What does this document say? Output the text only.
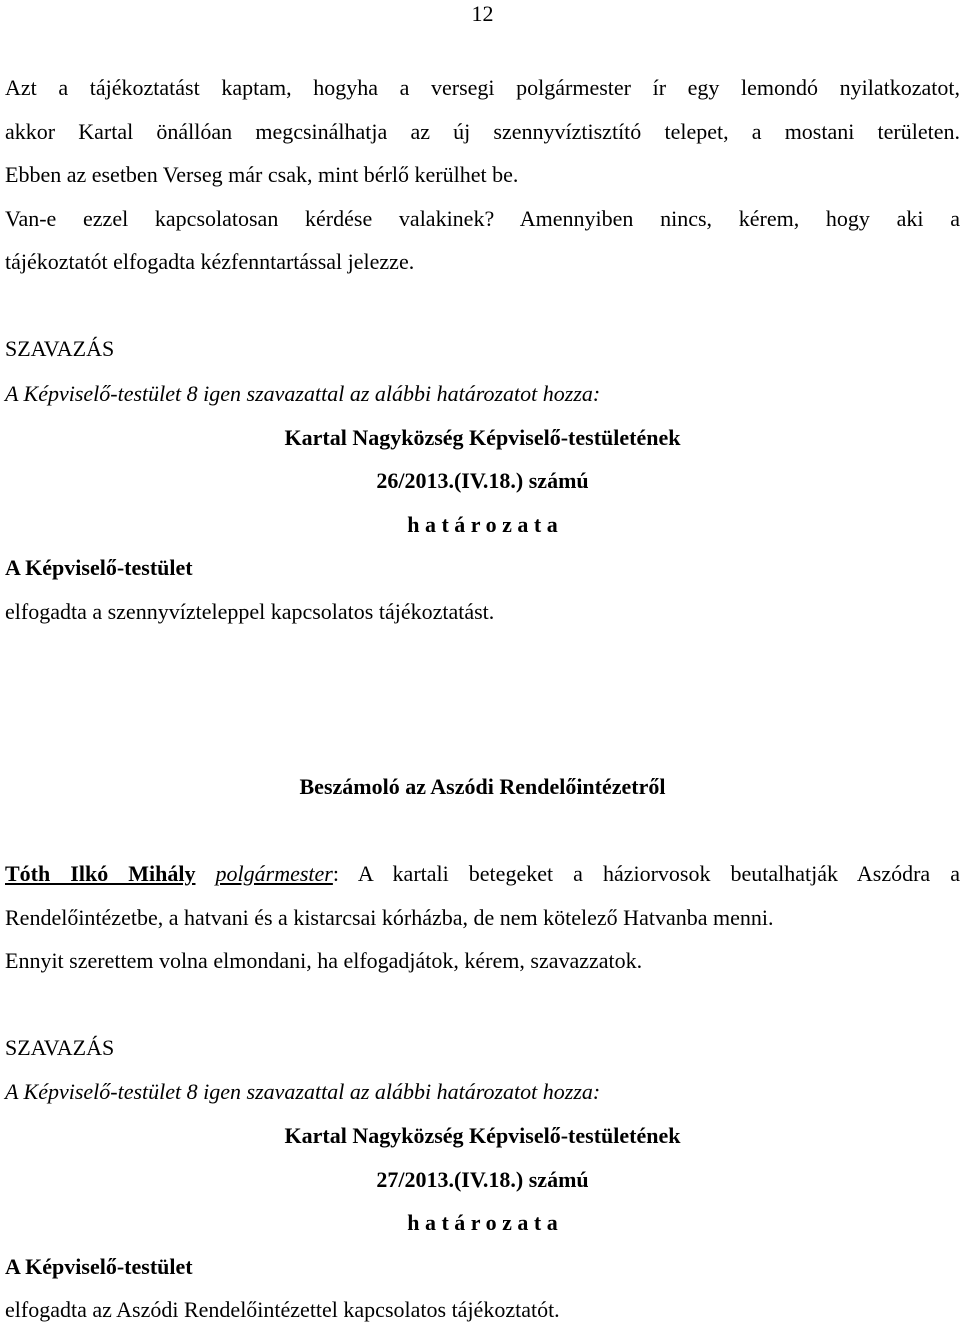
12
Azt a tájékoztatást kaptam, hogyha a versegi polgármester ír egy lemondó nyilatkozatot,
akkor Kartal önállóan megcsinálhatja az új szennyvíztisztító telepet, a mostani területen.
Ebben az esetben Verseg már csak, mint bérlő kerülhet be.
Van-e ezzel kapcsolatosan kérdése valakinek? Amennyiben nincs, kérem, hogy aki a
tájékoztatót elfogadta kézfenntartással jelezze.
SZAVAZÁS
A Képviselő-testület 8 igen szavazattal az alábbi határozatot hozza:
Kartal Nagyközség Képviselő-testületének
26/2013.(IV.18.) számú
h a t á r o z a t a
A Képviselő-testület
elfogadta a szennyvízteleppel kapcsolatos tájékoztatást.
Beszámoló az Aszódi Rendelőintézetről
Tóth Ilkó Mihály polgármester: A kartali betegeket a háziorvosok beutalhatják Aszódra a
Rendelőintézetbe, a hatvani és a kistarcsai kórházba, de nem kötelező Hatvanba menni.
Ennyit szerettem volna elmondani, ha elfogadjátok, kérem, szavazzatok.
SZAVAZÁS
A Képviselő-testület 8 igen szavazattal az alábbi határozatot hozza:
Kartal Nagyközség Képviselő-testületének
27/2013.(IV.18.) számú
h a t á r o z a t a
A Képviselő-testület
elfogadta az Aszódi Rendelőintézettel kapcsolatos tájékoztatót.
